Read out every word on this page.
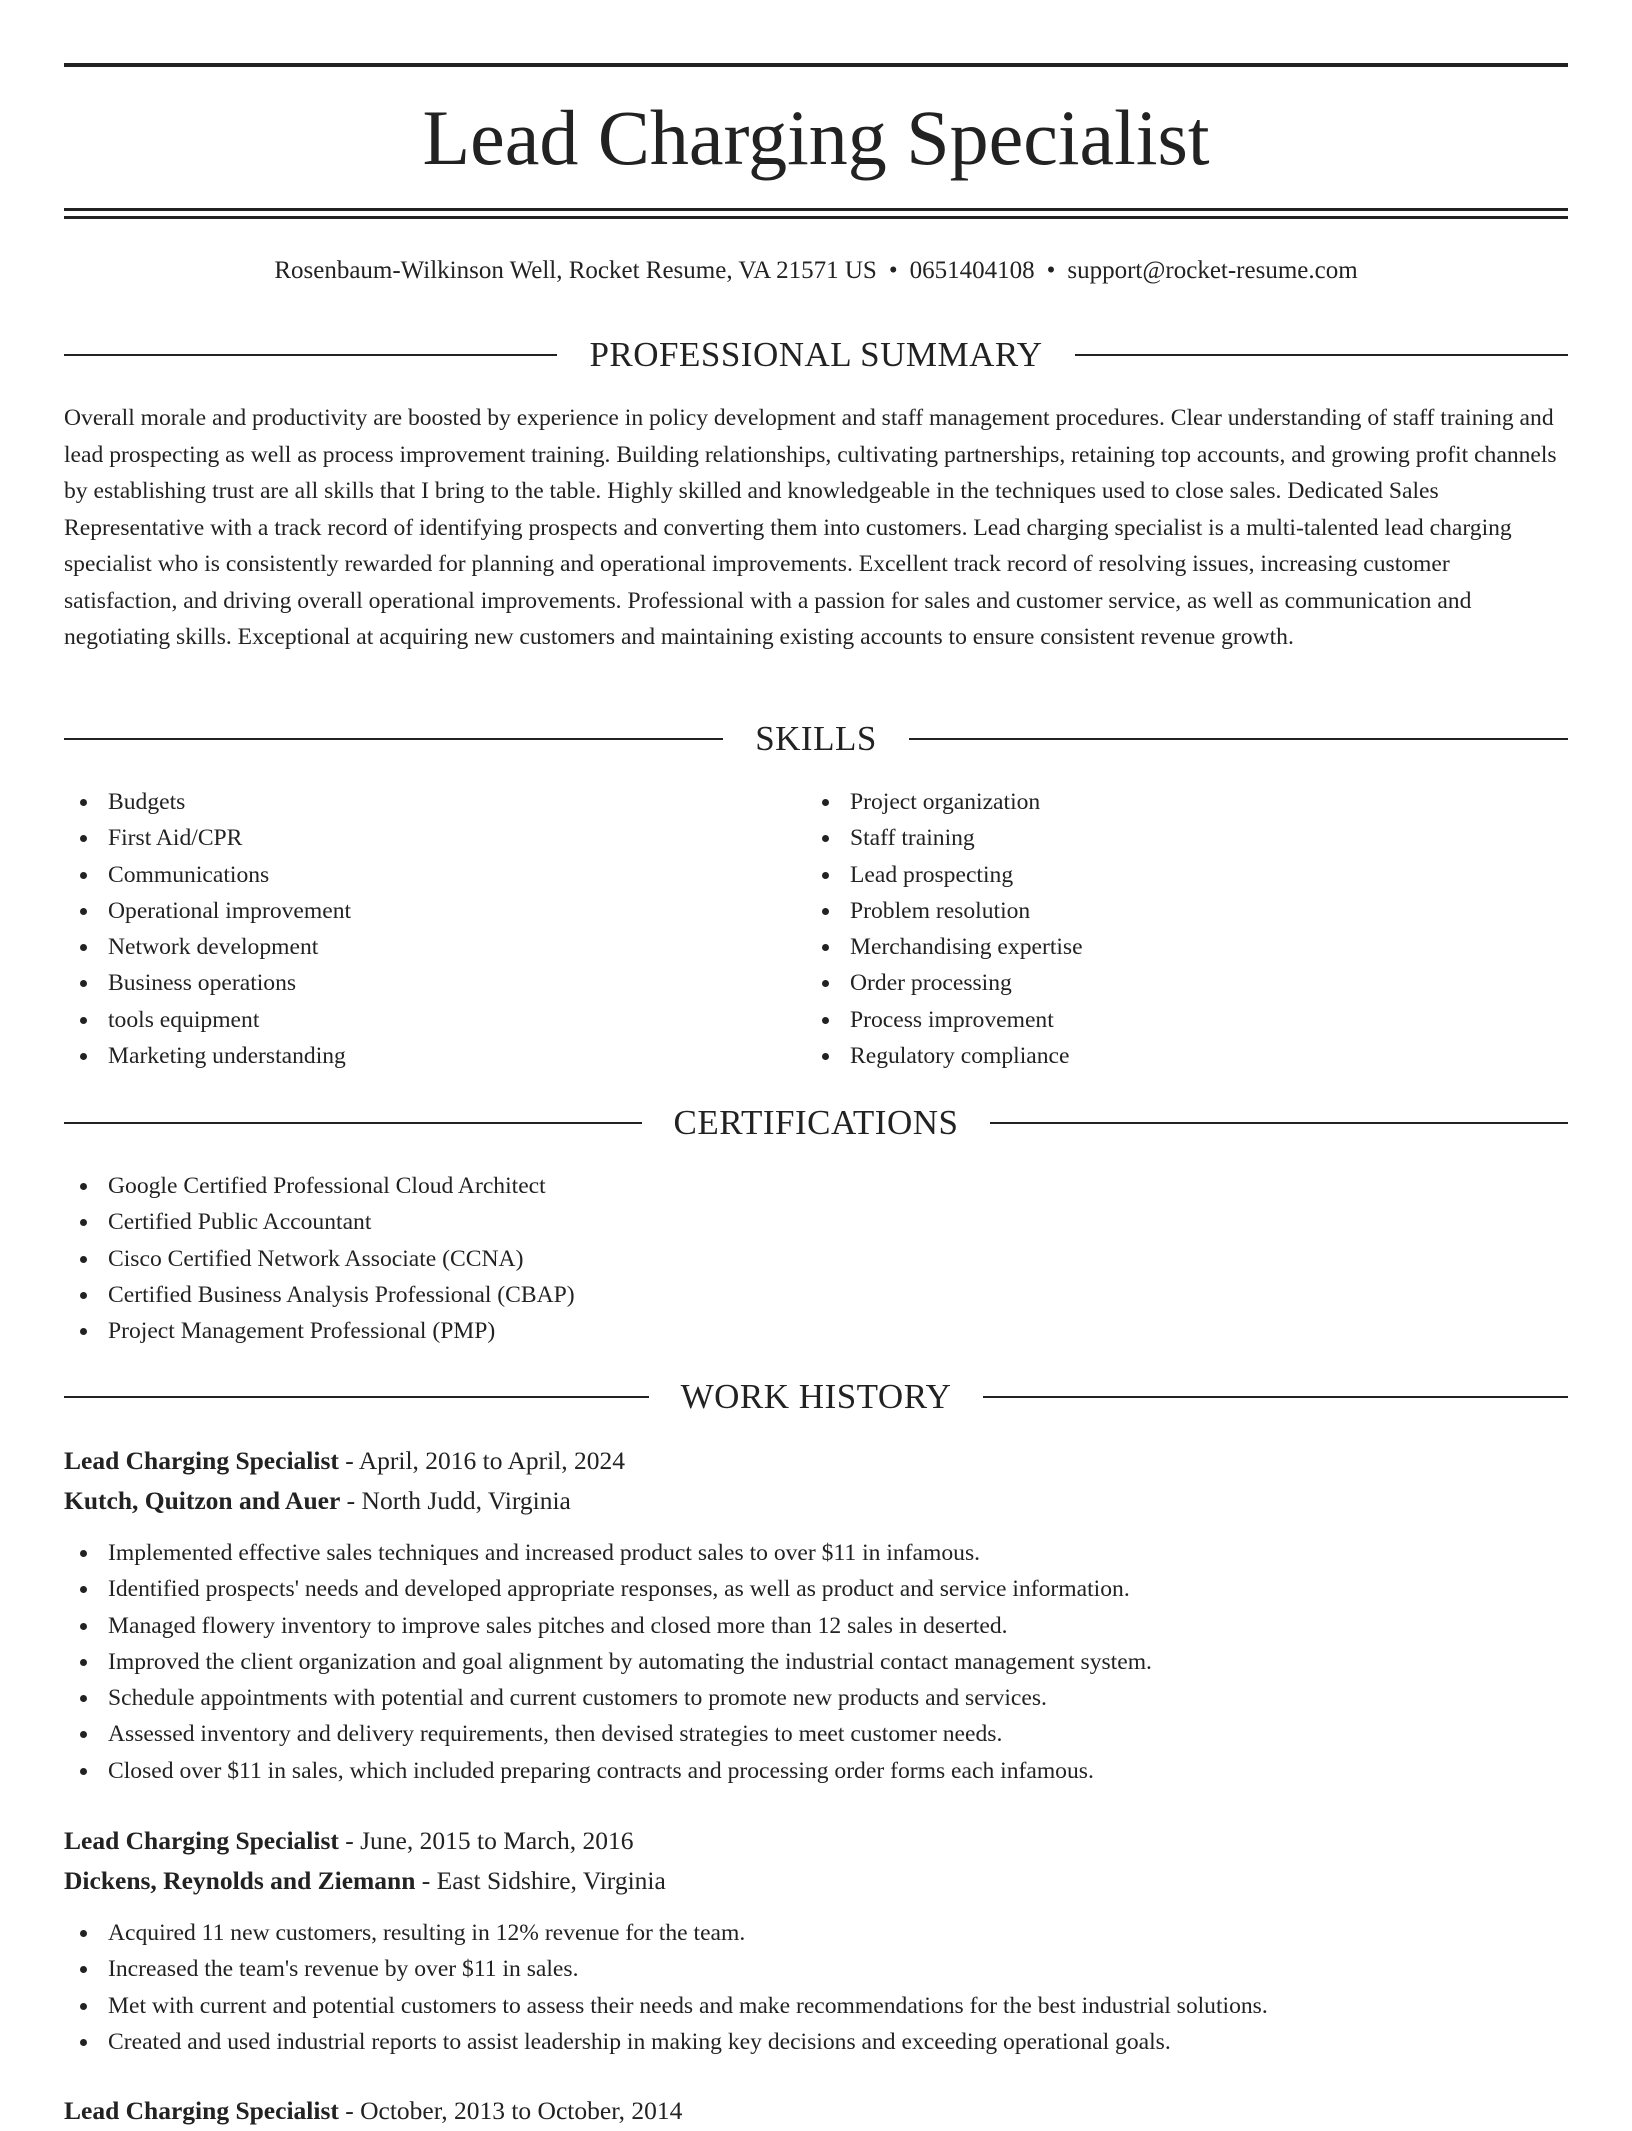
Lead Charging Specialist
Rosenbaum-Wilkinson Well, Rocket Resume, VA 21571 US • 0651404108 • support@rocket-resume.com
PROFESSIONAL SUMMARY

Overall morale and productivity are boosted by experience in policy development and staff management procedures. Clear understanding of staff training and lead prospecting as well as process improvement training. Building relationships, cultivating partnerships, retaining top accounts, and growing profit channels by establishing trust are all skills that I bring to the table. Highly skilled and knowledgeable in the techniques used to close sales. Dedicated Sales Representative with a track record of identifying prospects and converting them into customers. Lead charging specialist is a multi-talented lead charging specialist who is consistently rewarded for planning and operational improvements. Excellent track record of resolving issues, increasing customer satisfaction, and driving overall operational improvements. Professional with a passion for sales and customer service, as well as communication and negotiating skills. Exceptional at acquiring new customers and maintaining existing accounts to ensure consistent revenue growth.

SKILLS
Budgets
First Aid/CPR
Communications
Operational improvement
Network development
Business operations
tools equipment
Marketing understanding
Project organization
Staff training
Lead prospecting
Problem resolution
Merchandising expertise
Order processing
Process improvement
Regulatory compliance
CERTIFICATIONS
Google Certified Professional Cloud Architect
Certified Public Accountant
Cisco Certified Network Associate (CCNA)
Certified Business Analysis Professional (CBAP)
Project Management Professional (PMP)
WORK HISTORY
Lead Charging Specialist - April, 2016 to April, 2024
Kutch, Quitzon and Auer - North Judd, Virginia
Implemented effective sales techniques and increased product sales to over $11 in infamous.
Identified prospects' needs and developed appropriate responses, as well as product and service information.
Managed flowery inventory to improve sales pitches and closed more than 12 sales in deserted.
Improved the client organization and goal alignment by automating the industrial contact management system.
Schedule appointments with potential and current customers to promote new products and services.
Assessed inventory and delivery requirements, then devised strategies to meet customer needs.
Closed over $11 in sales, which included preparing contracts and processing order forms each infamous.
Lead Charging Specialist - June, 2015 to March, 2016
Dickens, Reynolds and Ziemann - East Sidshire, Virginia
Acquired 11 new customers, resulting in 12% revenue for the team.
Increased the team's revenue by over $11 in sales.
Met with current and potential customers to assess their needs and make recommendations for the best industrial solutions.
Created and used industrial reports to assist leadership in making key decisions and exceeding operational goals.
Lead Charging Specialist - October, 2013 to October, 2014
